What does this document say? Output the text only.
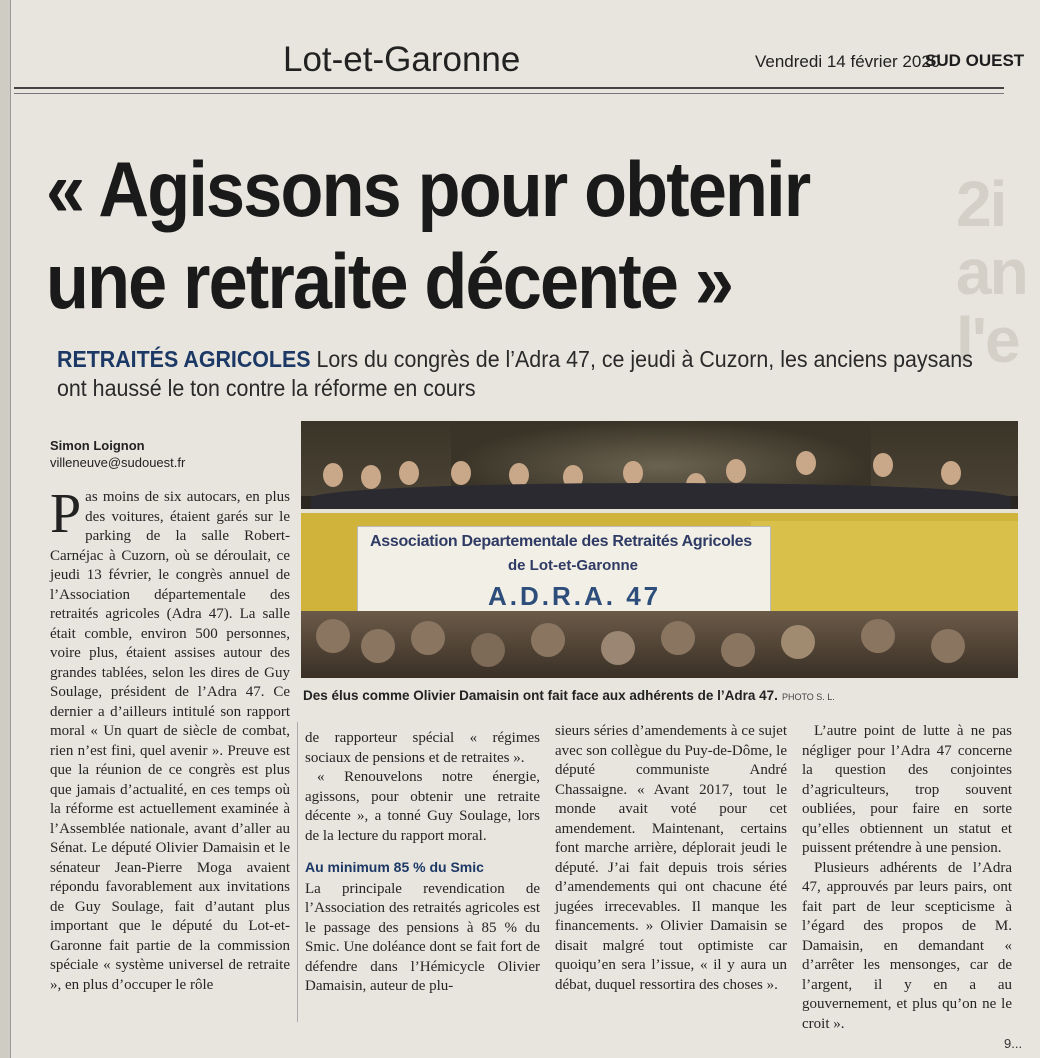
2i
an
l'e
Lot-et-Garonne	Vendredi 14 février 2020
SUD OUEST
« Agissons pour obtenir
une retraite décente »
RETRAITÉS AGRICOLES Lors du congrès de l’Adra 47, ce jeudi à Cuzorn, les anciens paysans ont haussé le ton contre la réforme en cours
Simon Loignon
villeneuve@sudouest.fr
Association Departementale des Retraités Agricoles
de Lot-et-Garonne
A.D.R.A. 47
Des élus comme Olivier Damaisin ont fait face aux adhérents de l’Adra 47. PHOTO S. L.
Pas moins de six autocars, en plus des voitures, étaient garés sur le parking de la salle Robert-Carnéjac à Cuzorn, où se déroulait, ce jeudi 13 février, le congrès annuel de l’Association départementale des retraités agricoles (Adra 47). La salle était comble, environ 500 personnes, voire plus, étaient assises autour des grandes tablées, selon les dires de Guy Soulage, président de l’Adra 47. Ce dernier a d’ailleurs intitulé son rapport moral « Un quart de siècle de combat, rien n’est fini, quel avenir ». Preuve est que la réunion de ce congrès est plus que jamais d’actualité, en ces temps où la réforme est actuellement examinée à l’Assemblée nationale, avant d’aller au Sénat. Le député Olivier Damaisin et le sénateur Jean-Pierre Moga avaient répondu favorablement aux invitations de Guy Soulage, fait d’autant plus important que le député du Lot-et-Garonne fait partie de la commission spéciale « système universel de retraite », en plus d’occuper le rôle

de rapporteur spécial « régimes sociaux de pensions et de retraites ».

« Renouvelons notre énergie, agissons, pour obtenir une retraite décente », a tonné Guy Soulage, lors de la lecture du rapport moral.

Au minimum 85 % du Smic

La principale revendication de l’Association des retraités agricoles est le passage des pensions à 85 % du Smic. Une doléance dont se fait fort de défendre dans l’Hémicycle Olivier Damaisin, auteur de plu-

sieurs séries d’amendements à ce sujet avec son collègue du Puy-de-Dôme, le député communiste André Chassaigne. « Avant 2017, tout le monde avait voté pour cet amendement. Maintenant, certains font marche arrière, déplorait jeudi le député. J’ai fait depuis trois séries d’amendements qui ont chacune été jugées irrecevables. Il manque les financements. » Olivier Damaisin se disait malgré tout optimiste car quoiqu’en sera l’issue, « il y aura un débat, duquel ressortira des choses ».

L’autre point de lutte à ne pas négliger pour l’Adra 47 concerne la question des conjointes d’agriculteurs, trop souvent oubliées, pour faire en sorte qu’elles obtiennent un statut et puissent prétendre à une pension.

Plusieurs adhérents de l’Adra 47, approuvés par leurs pairs, ont fait part de leur scepticisme à l’égard des propos de M. Damaisin, en demandant « d’arrêter les mensonges, car de l’argent, il y en a au gouvernement, et plus qu’on ne le croit ».

9...
